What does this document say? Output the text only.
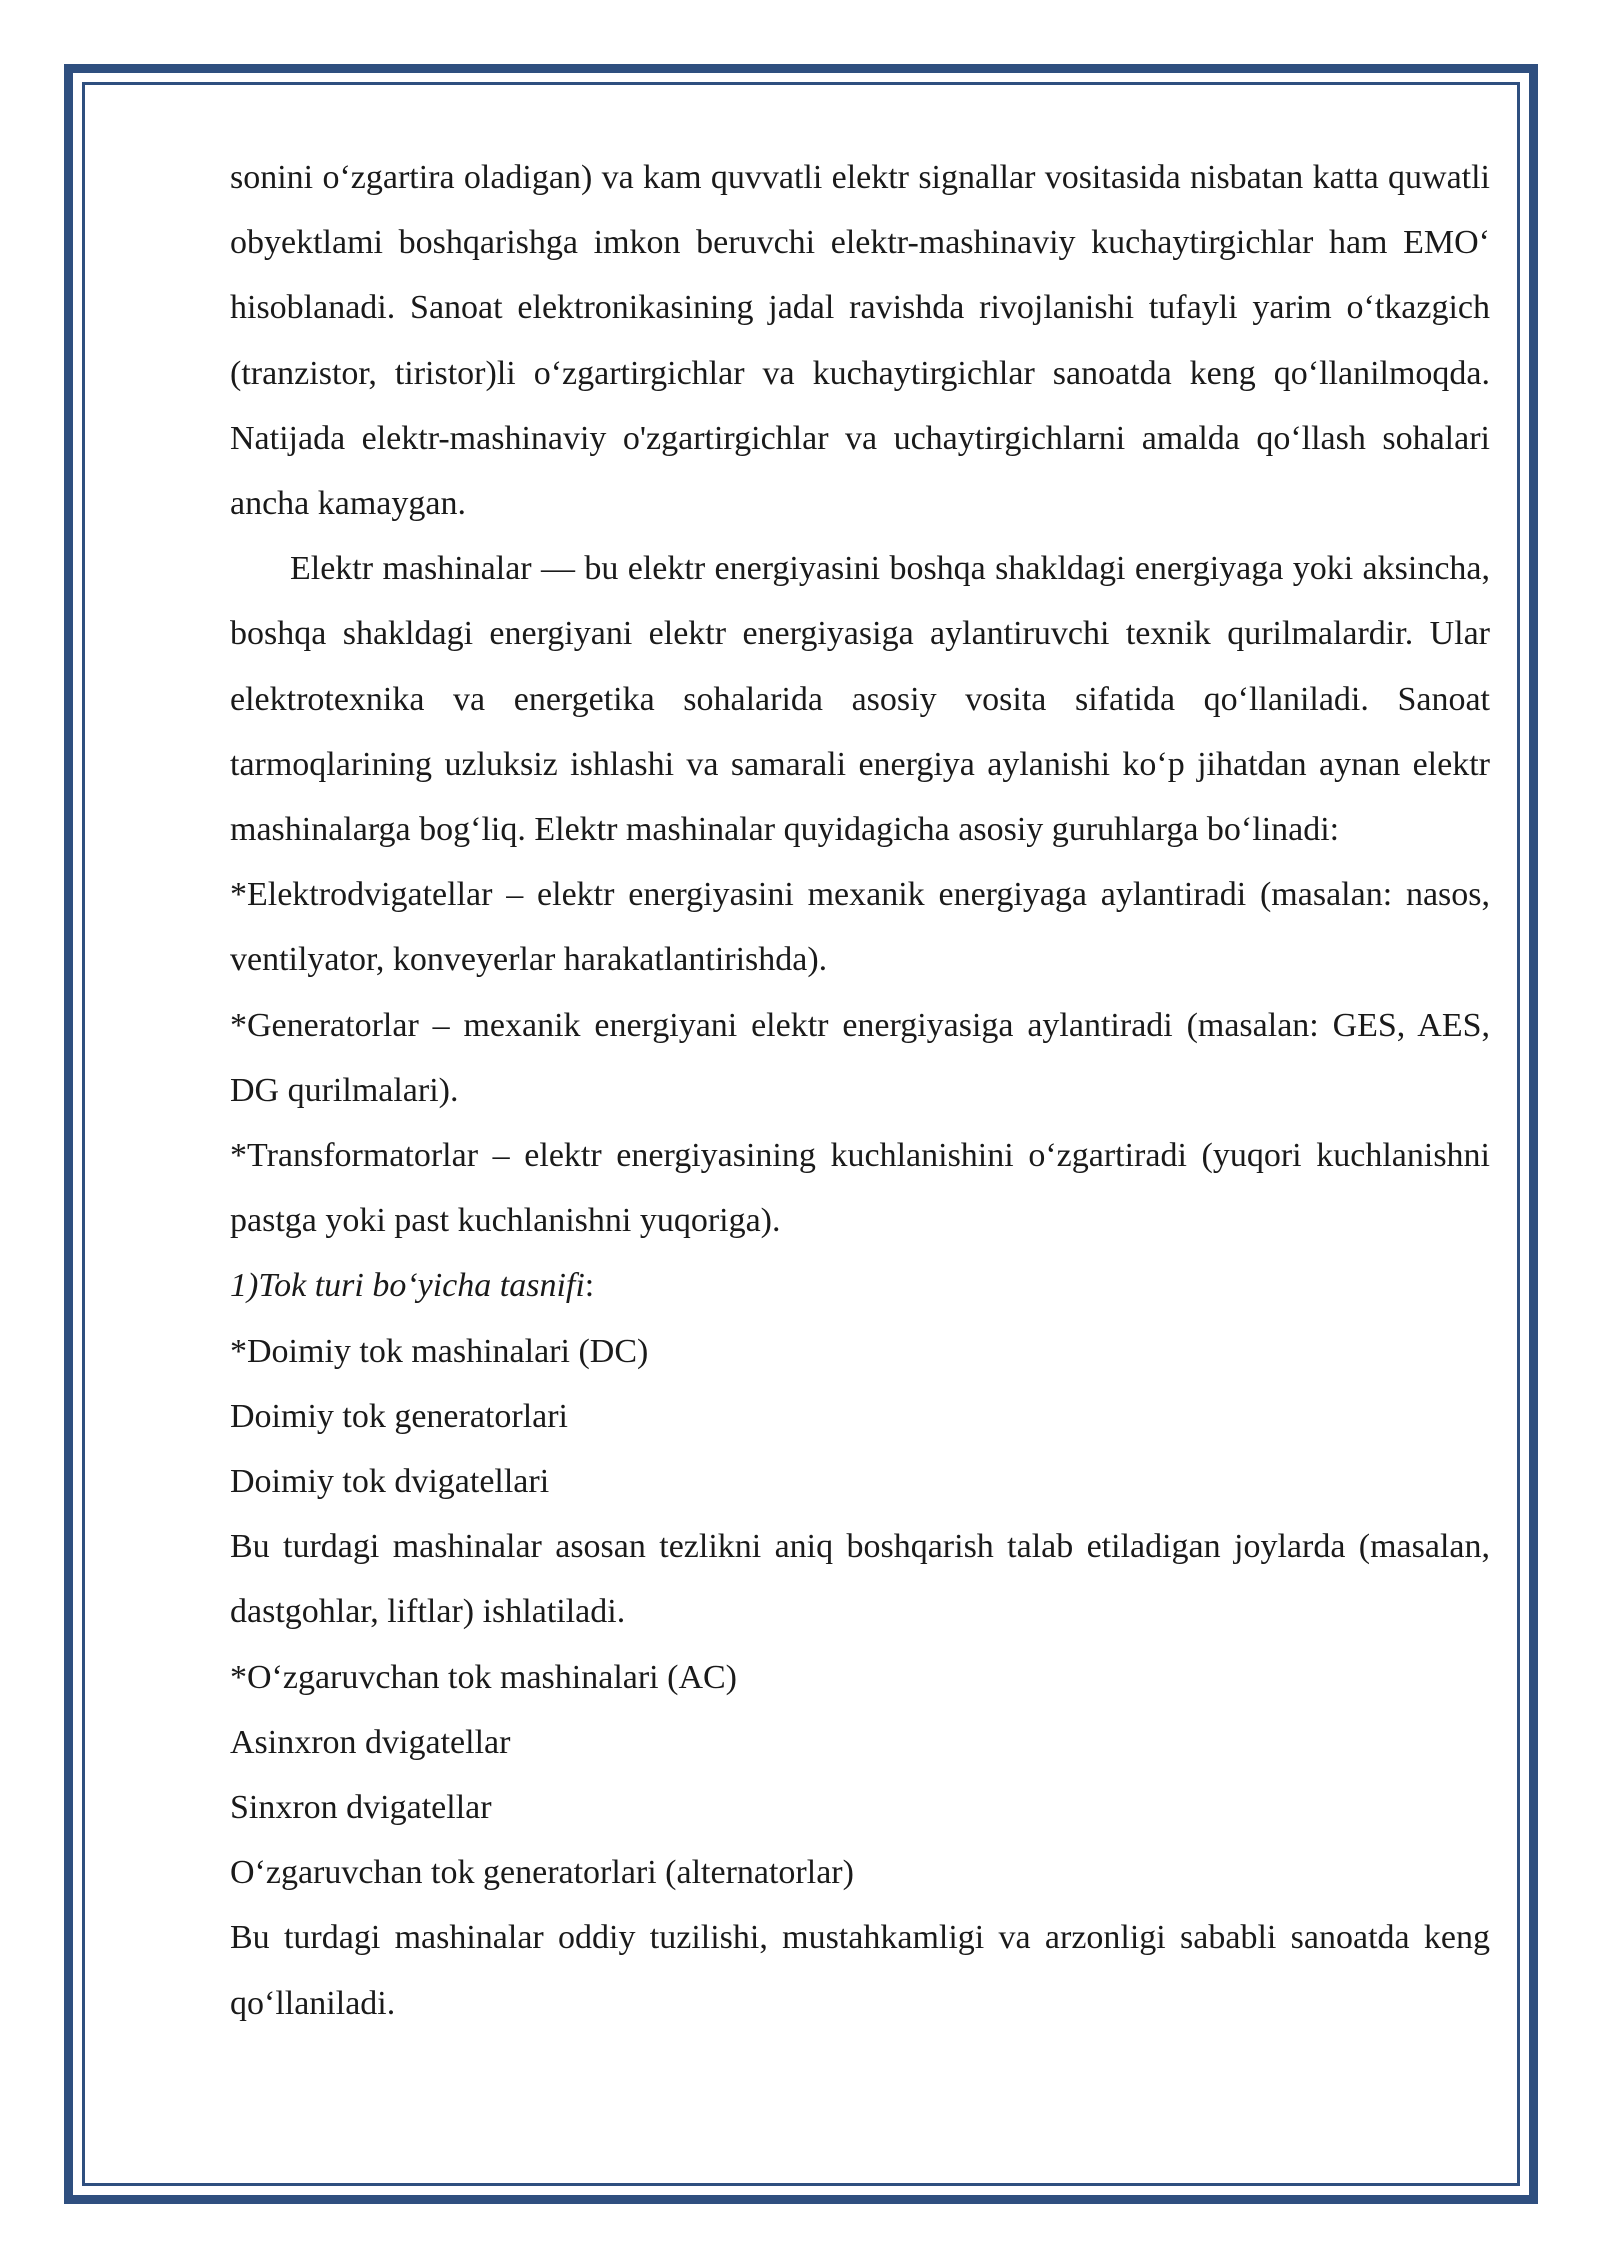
sonini o‘zgartira oladigan) va kam quvvatli elektr signallar vositasida nisbatan katta quwatli obyektlami boshqarishga imkon beruvchi elektr-mashinaviy kuchaytirgichlar ham EMO‘ hisoblanadi. Sanoat elektronikasining jadal ravishda rivojlanishi tufayli yarim o‘tkazgich (tranzistor, tiristor)li o‘zgartirgichlar va kuchaytirgichlar sanoatda keng qo‘llanilmoqda. Natijada elektr-mashinaviy o'zgartirgichlar va uchaytirgichlarni amalda qo‘llash sohalari ancha kamaygan.

Elektr mashinalar — bu elektr energiyasini boshqa shakldagi energiyaga yoki aksincha, boshqa shakldagi energiyani elektr energiyasiga aylantiruvchi texnik qurilmalardir. Ular elektrotexnika va energetika sohalarida asosiy vosita sifatida qo‘llaniladi. Sanoat tarmoqlarining uzluksiz ishlashi va samarali energiya aylanishi ko‘p jihatdan aynan elektr mashinalarga bog‘liq. Elektr mashinalar quyidagicha asosiy guruhlarga bo‘linadi:

*Elektrodvigatellar – elektr energiyasini mexanik energiyaga aylantiradi (masalan: nasos, ventilyator, konveyerlar harakatlantirishda).

*Generatorlar – mexanik energiyani elektr energiyasiga aylantiradi (masalan: GES, AES, DG qurilmalari).

*Transformatorlar – elektr energiyasining kuchlanishini o‘zgartiradi (yuqori kuchlanishni pastga yoki past kuchlanishni yuqoriga).

1)Tok turi bo‘yicha tasnifi:

*Doimiy tok mashinalari (DC)

Doimiy tok generatorlari

Doimiy tok dvigatellari

Bu turdagi mashinalar asosan tezlikni aniq boshqarish talab etiladigan joylarda (masalan, dastgohlar, liftlar) ishlatiladi.

*O‘zgaruvchan tok mashinalari (AC)

Asinxron dvigatellar

Sinxron dvigatellar

O‘zgaruvchan tok generatorlari (alternatorlar)

Bu turdagi mashinalar oddiy tuzilishi, mustahkamligi va arzonligi sababli sanoatda keng qo‘llaniladi.
